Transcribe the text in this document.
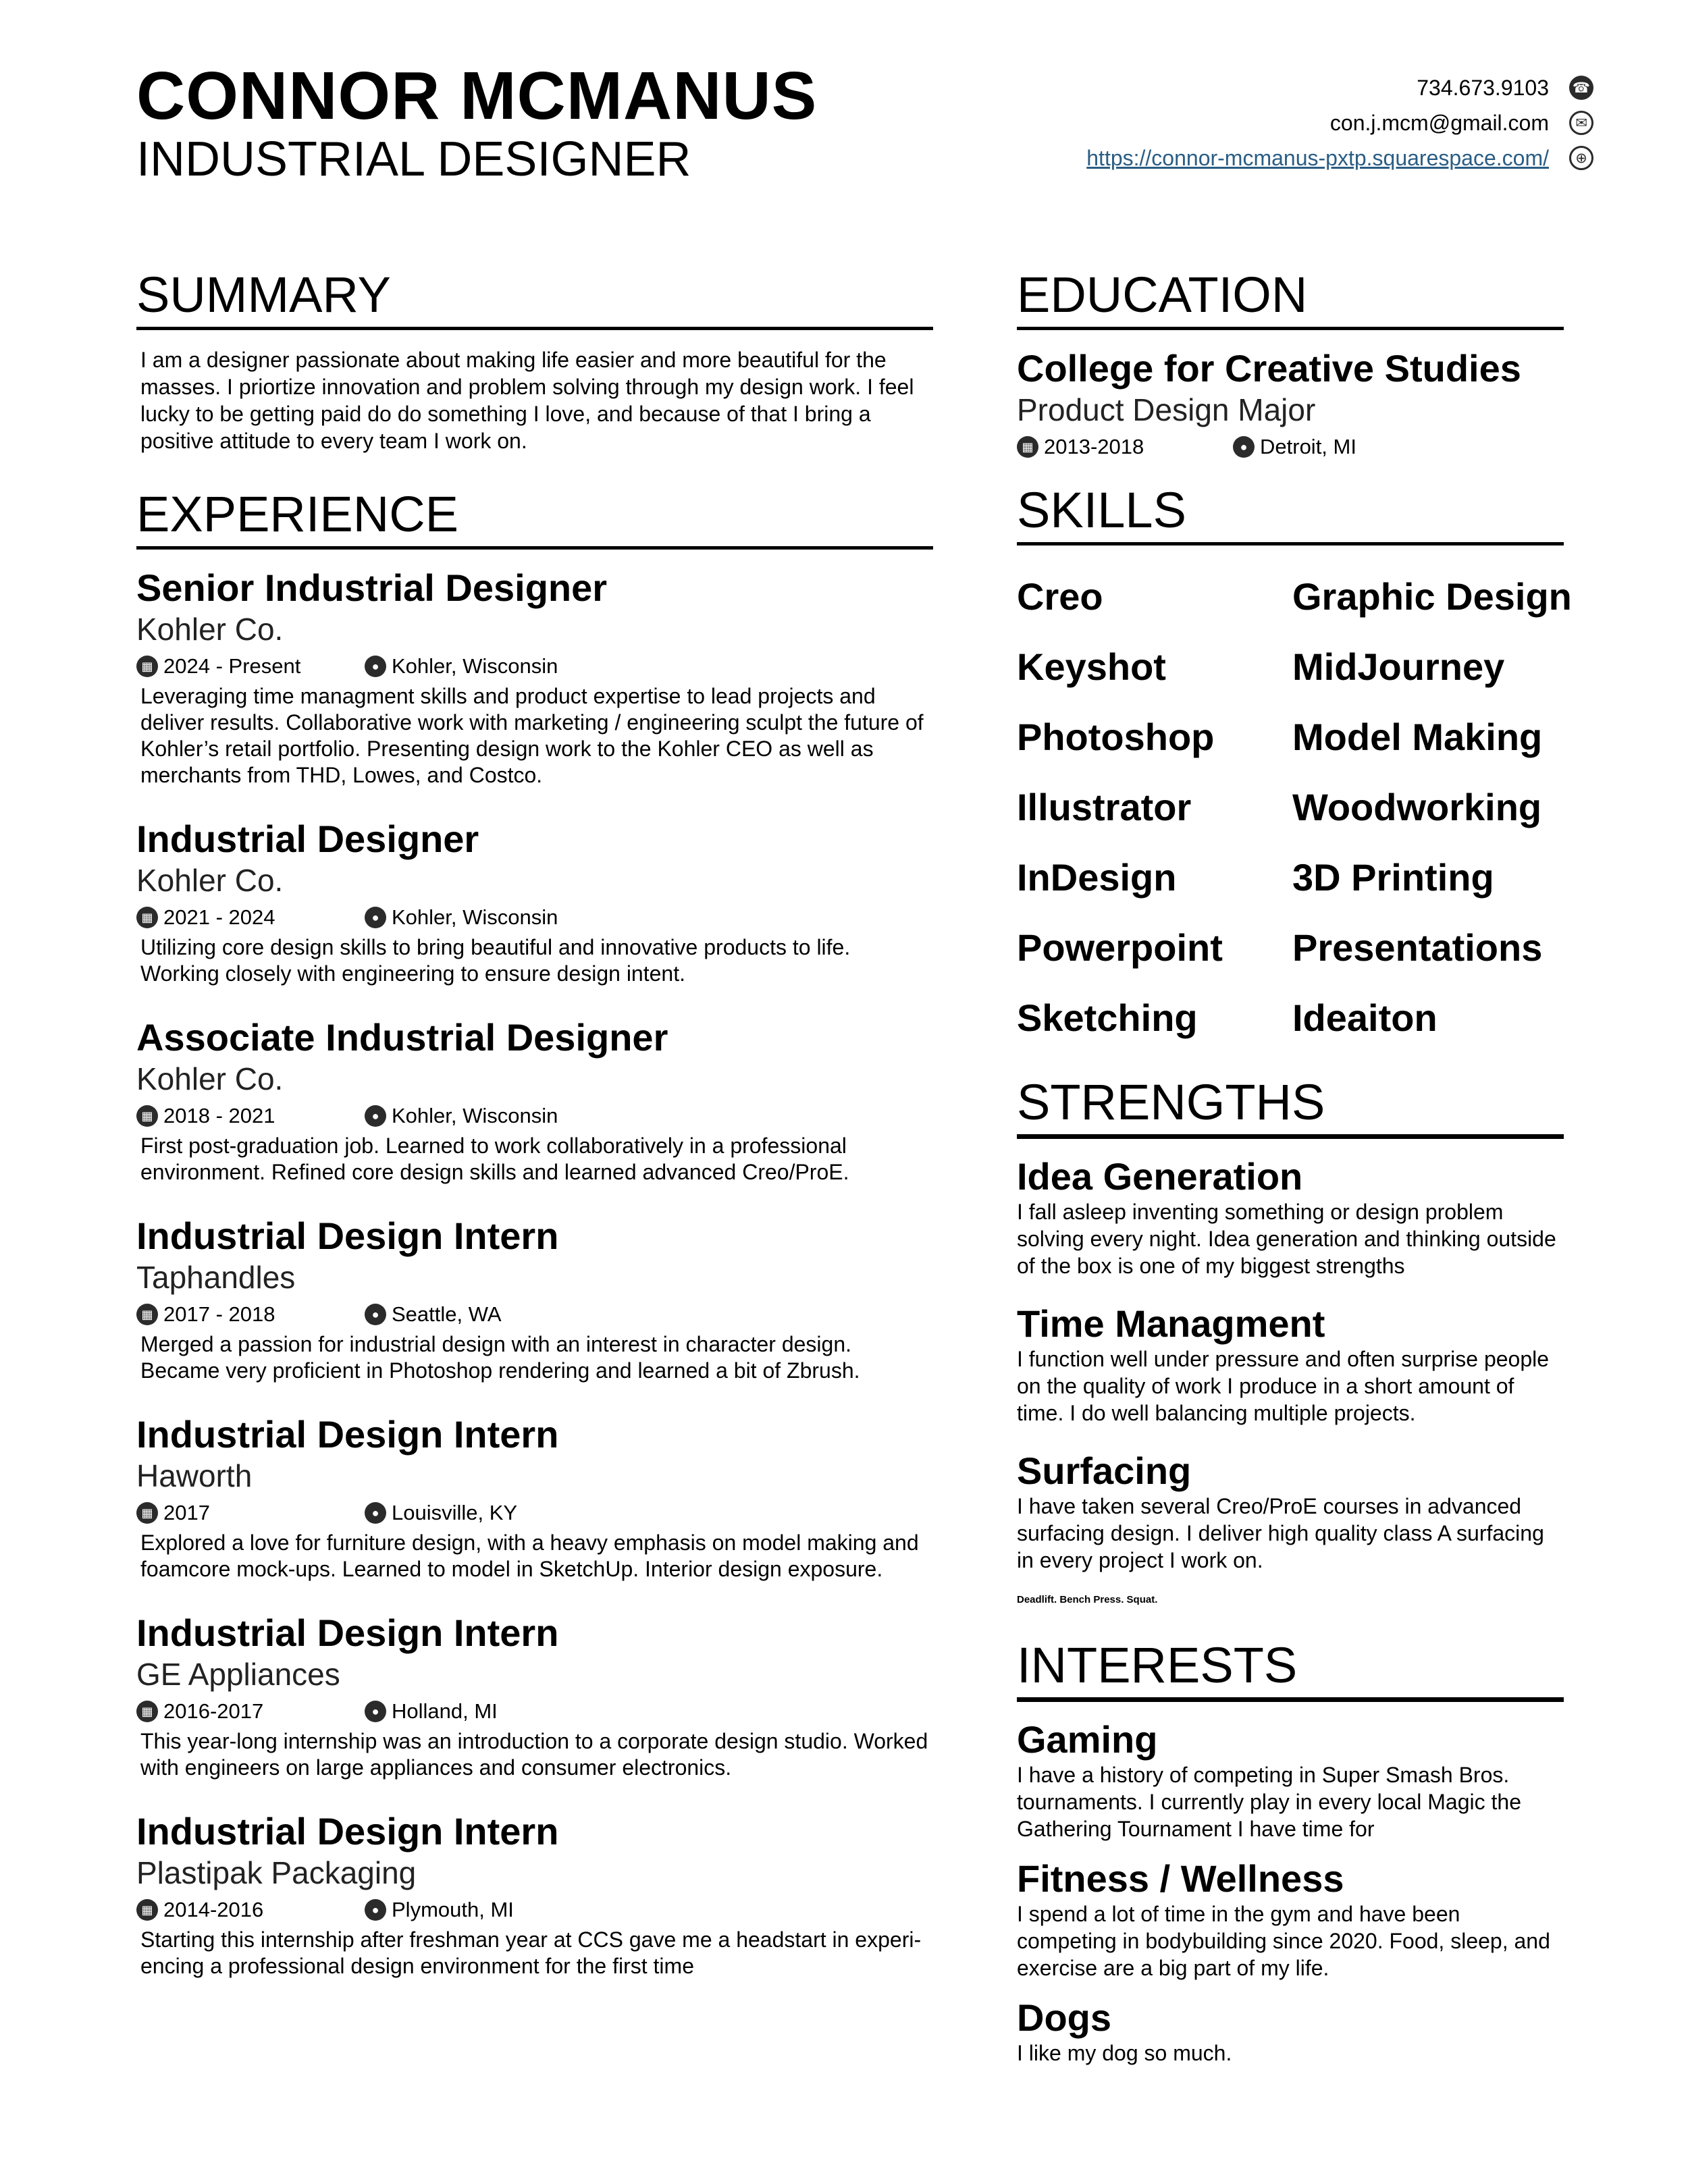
CONNOR MCMANUS
INDUSTRIAL DESIGNER
734.673.9103 ☎
con.j.mcm@gmail.com	✉
https://connor-mcmanus-pxtp.squarespace.com/	⊕
SUMMARY
I am a designer passionate about making life easier and more beautiful for the masses. I priortize innovation and problem solving through my design work. I feel lucky to be getting paid do do something I love, and because of that I bring a positive attitude to every team I work on.
EXPERIENCE
Senior Industrial Designer
Kohler Co.
▦ 2024 - Present	● Kohler, Wisconsin
Leveraging time managment skills and product expertise to lead projects and deliver results. Collaborative work with marketing / engineering sculpt the future of Kohler’s retail portfolio. Presenting design work to the Kohler CEO as well as merchants from THD, Lowes, and Costco.
Industrial Designer
Kohler Co.
▦ 2021 - 2024	● Kohler, Wisconsin
Utilizing core design skills to bring beautiful and innovative products to life. Working closely with engineering to ensure design intent.
Associate Industrial Designer
Kohler Co.
▦ 2018 - 2021	● Kohler, Wisconsin
First post-graduation job. Learned to work collaboratively in a professional environment. Refined core design skills and learned advanced Creo/ProE.
Industrial Design Intern
Taphandles
▦ 2017 - 2018	● Seattle, WA
Merged a passion for industrial design with an interest in character design. Became very proficient in Photoshop rendering and learned a bit of Zbrush.
Industrial Design Intern
Haworth
▦ 2017	● Louisville, KY
Explored a love for furniture design, with a heavy emphasis on model making and foamcore mock-ups. Learned to model in SketchUp. Interior design exposure.
Industrial Design Intern
GE Appliances
▦ 2016-2017	● Holland, MI
This year-long internship was an introduction to a corporate design studio. Worked with engineers on large appliances and consumer electronics.
Industrial Design Intern
Plastipak Packaging
▦ 2014-2016	● Plymouth, MI
Starting this internship after freshman year at CCS gave me a headstart in experi-encing a professional design environment for the first time
EDUCATION
College for Creative Studies
Product Design Major
▦ 2013-2018	● Detroit, MI
SKILLS
Creo	Graphic Design
Keyshot	MidJourney
Photoshop	Model Making
Illustrator	Woodworking
InDesign	3D Printing
Powerpoint	Presentations
Sketching	Ideaiton
STRENGTHS
Idea Generation
I fall asleep inventing something or design problem solving every night. Idea generation and thinking outside of the box is one of my biggest strengths
Time Managment
I function well under pressure and often surprise people on the quality of work I produce in a short amount of time. I do well balancing multiple projects.
Surfacing
I have taken several Creo/ProE courses in advanced surfacing design. I deliver high quality class A surfacing in every project I work on.
Deadlift. Bench Press. Squat.
INTERESTS
Gaming
I have a history of competing in Super Smash Bros. tournaments. I currently play in every local Magic the Gathering Tournament I have time for
Fitness / Wellness
I spend a lot of time in the gym and have been competing in bodybuilding since 2020. Food, sleep, and exercise are a big part of my life.
Dogs
I like my dog so much.
